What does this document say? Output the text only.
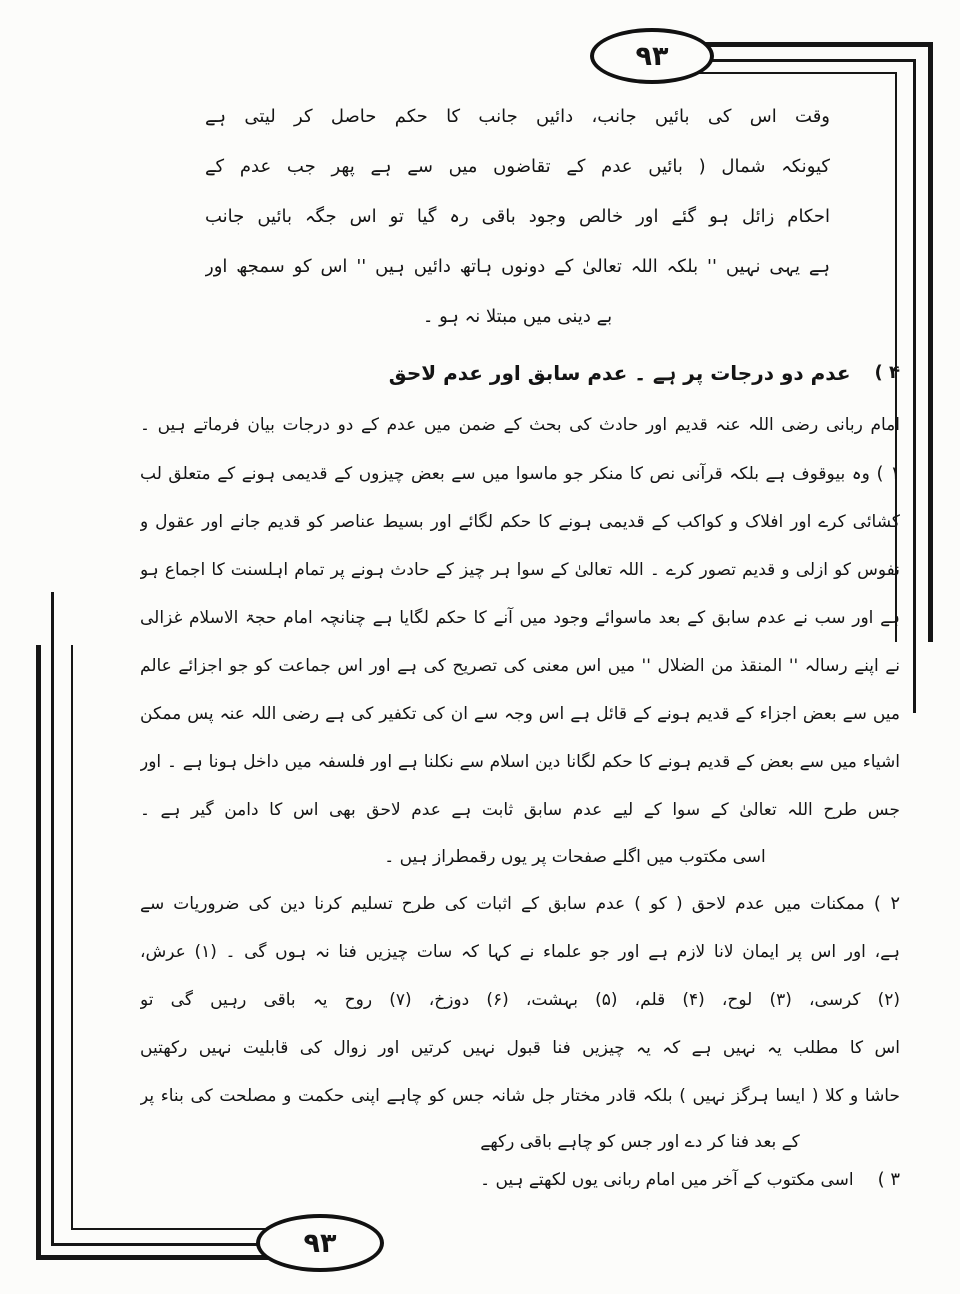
۹۳
۹۳
وقت اس کی بائیں جانب، دائیں جانب کا حکم حاصل کر لیتی ہے
کیونکہ شمال ( بائیں عدم کے تقاضوں میں سے ہے پھر جب عدم کے
احکام زائل ہو گئے اور خالص وجود باقی رہ گیا تو اس جگہ بائیں جانب
ہے یہی نہیں '' بلکہ اللہ تعالیٰ کے دونوں ہاتھ دائیں ہیں '' اس کو سمجھ اور
بے دینی میں مبتلا نہ ہو ۔
۴ )
عدم دو درجات پر ہے ۔ عدم سابق اور عدم لاحق
امام ربانی رضی اللہ عنہ قدیم اور حادث کی بحث کے ضمن میں عدم کے دو درجات بیان فرماتے ہیں ۔
۱ ) وہ بیوقوف ہے بلکہ قرآنی نص کا منکر جو ماسوا میں سے بعض چیزوں کے قدیمی ہونے کے متعلق لب
کشائی کرے اور افلاک و کواکب کے قدیمی ہونے کا حکم لگائے اور بسیط عناصر کو قدیم جانے اور عقول و
نفوس کو ازلی و قدیم تصور کرے ۔ اللہ تعالیٰ کے سوا ہر چیز کے حادث ہونے پر تمام اہلسنت کا اجماع ہو
ہے اور سب نے عدم سابق کے بعد ماسوائے وجود میں آنے کا حکم لگایا ہے چنانچہ امام حجۃ الاسلام غزالی
نے اپنے رسالہ '' المنقذ من الضلال '' میں اس معنی کی تصریح کی ہے اور اس جماعت کو جو اجزائے عالم
میں سے بعض اجزاء کے قدیم ہونے کے قائل ہے اس وجہ سے ان کی تکفیر کی ہے رضی اللہ عنہ پس ممکن
اشیاء میں سے بعض کے قدیم ہونے کا حکم لگانا دین اسلام سے نکلنا ہے اور فلسفہ میں داخل ہونا ہے ۔ اور
جس طرح اللہ تعالیٰ کے سوا کے لیے عدم سابق ثابت ہے عدم لاحق بھی اس کا دامن گیر ہے ۔
اسی مکتوب میں اگلے صفحات پر یوں رقمطراز ہیں ۔
۲ ) ممکنات میں عدم لاحق ( کو ) عدم سابق کے اثبات کی طرح تسلیم کرنا دین کی ضروریات سے
ہے، اور اس پر ایمان لانا لازم ہے اور جو علماء نے کہا کہ سات چیزیں فنا نہ ہوں گی ۔ (۱) عرش،
(۲) کرسی، (۳) لوح، (۴) قلم، (۵) بہشت، (۶) دوزخ، (۷) روح یہ باقی رہیں گی تو
اس کا مطلب یہ نہیں ہے کہ یہ چیزیں فنا قبول نہیں کرتیں اور زوال کی قابلیت نہیں رکھتیں
حاشا و کلا ( ایسا ہرگز نہیں ) بلکہ قادر مختار جل شانہ جس کو چاہے اپنی حکمت و مصلحت کی بناء پر
کے بعد فنا کر دے اور جس کو چاہے باقی رکھے
۳ )
اسی مکتوب کے آخر میں امام ربانی یوں لکھتے ہیں ۔
